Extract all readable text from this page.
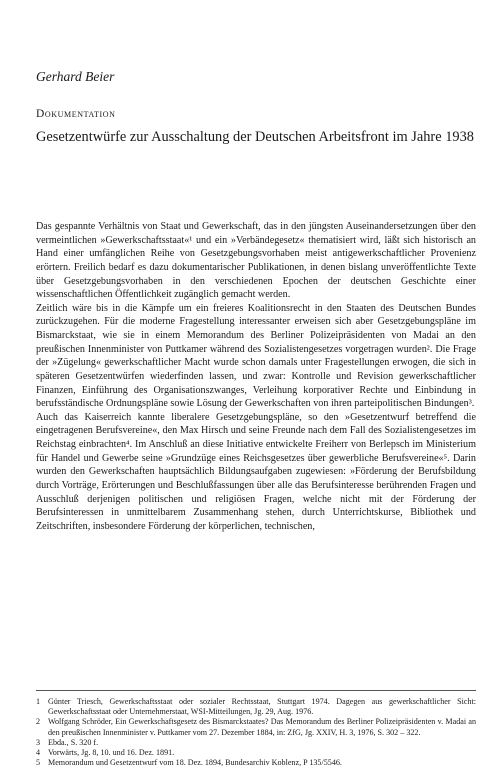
Gerhard Beier
Dokumentation
Gesetzentwürfe zur Ausschaltung der Deutschen Arbeitsfront im Jahre 1938

Das gespannte Verhältnis von Staat und Gewerkschaft, das in den jüngsten Auseinandersetzungen über den vermeintlichen »Gewerkschaftsstaat«¹ und ein »Verbändegesetz« thematisiert wird, läßt sich historisch an Hand einer umfänglichen Reihe von Gesetzgebungsvorhaben meist antigewerkschaftlicher Provenienz erörtern. Freilich bedarf es dazu dokumentarischer Publikationen, in denen bislang unveröffentlichte Texte über Gesetzgebungsvorhaben in den verschiedenen Epochen der deutschen Geschichte einer wissenschaftlichen Öffentlichkeit zugänglich gemacht werden.

Zeitlich wäre bis in die Kämpfe um ein freieres Koalitionsrecht in den Staaten des Deutschen Bundes zurückzugehen. Für die moderne Fragestellung interessanter erweisen sich aber Gesetzgebungspläne im Bismarckstaat, wie sie in einem Memorandum des Berliner Polizeipräsidenten von Madai an den preußischen Innenminister von Puttkamer während des Sozialistengesetzes vorgetragen wurden². Die Frage der »Zügelung« gewerkschaftlicher Macht wurde schon damals unter Fragestellungen erwogen, die sich in späteren Gesetzentwürfen wiederfinden lassen, und zwar: Kontrolle und Revision gewerkschaftlicher Finanzen, Einführung des Organisationszwanges, Verleihung korporativer Rechte und Einbindung in berufsständische Ordnungspläne sowie Lösung der Gewerkschaften von ihren parteipolitischen Bindungen³.

Auch das Kaiserreich kannte liberalere Gesetzgebungspläne, so den »Gesetzentwurf betreffend die eingetragenen Berufsvereine«, den Max Hirsch und seine Freunde nach dem Fall des Sozialistengesetzes im Reichstag einbrachten⁴. Im Anschluß an diese Initiative entwickelte Freiherr von Berlepsch im Ministerium für Handel und Gewerbe seine »Grundzüge eines Reichsgesetzes über gewerbliche Berufsvereine«⁵. Darin wurden den Gewerkschaften hauptsächlich Bildungsaufgaben zugewiesen: »Förderung der Berufsbildung durch Vorträge, Erörterungen und Beschlußfassungen über alle das Berufsinteresse berührenden Fragen und Ausschluß derjenigen politischen und religiösen Fragen, welche nicht mit der Förderung der Berufsinteressen in unmittelbarem Zusammenhang stehen, durch Unterrichtskurse, Bibliothek und Zeitschriften, insbesondere Förderung der körperlichen, technischen,

1 Günter Triesch, Gewerkschaftsstaat oder sozialer Rechtsstaat, Stuttgart 1974. Dagegen aus gewerkschaftlicher Sicht: Gewerkschaftsstaat oder Unternehmerstaat, WSI-Mitteilungen, Jg. 29, Aug. 1976.
2 Wolfgang Schröder, Ein Gewerkschaftsgesetz des Bismarckstaates? Das Memorandum des Berliner Polizeipräsidenten v. Madai an den preußischen Innenminister v. Puttkamer vom 27. Dezember 1884, in: ZfG, Jg. XXIV, H. 3, 1976, S. 302 – 322.
3 Ebda., S. 320 f.
4 Vorwärts, Jg. 8, 10. und 16. Dez. 1891.
5 Memorandum und Gesetzentwurf vom 18. Dez. 1894, Bundesarchiv Koblenz, P 135/5546.
